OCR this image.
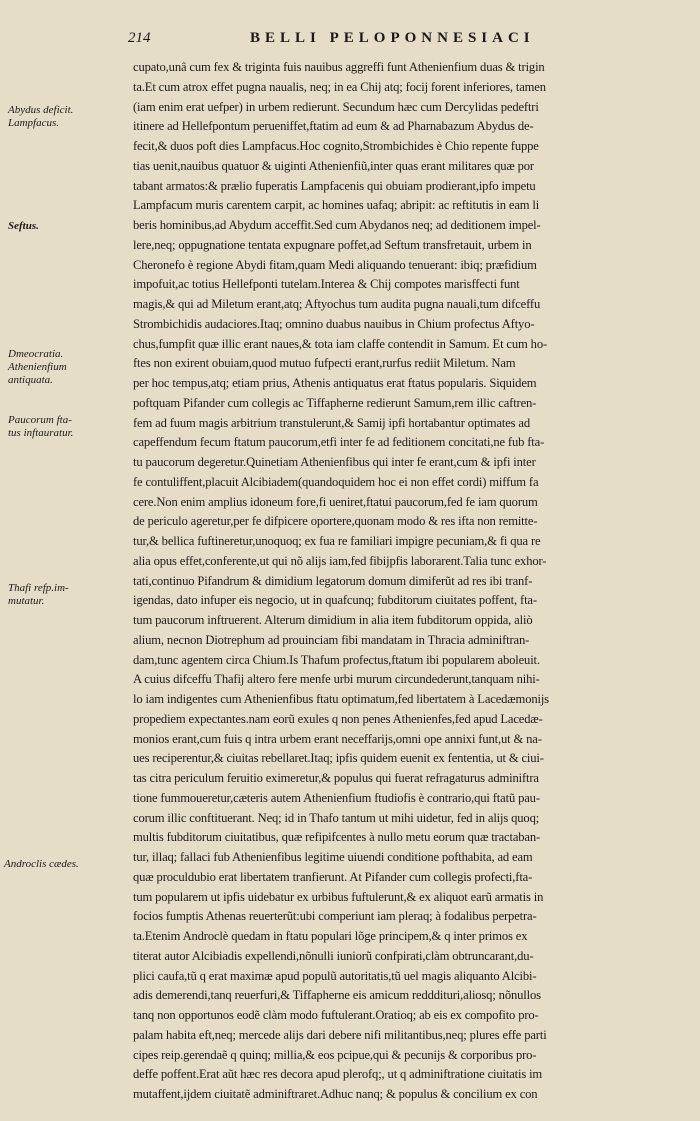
214	BELLI PELOPONNESIACI
Abydus deficit.
Lampfacus.
Seftus.
Dmeocratia.
Athenienfium
antiquata.
Paucorum fta-
tus inftauratur.
Thafi refp.im-
mutatur.
Androclis cædes.
cupato,unâ cum fex & triginta fuis nauibus aggreffi funt Athenienfium duas & trigin
ta.Et cum atrox effet pugna naualis, neq; in ea Chij atq; focij forent inferiores, tamen
(iam enim erat uefper) in urbem redierunt. Secundum hæc cum Dercylidas pedeftri
itinere ad Hellefpontum perueniffet,ftatim ad eum & ad Pharnabazum Abydus de-
fecit,& duos poft dies Lampfacus.Hoc cognito,Strombichides è Chio repente fuppe
tias uenit,nauibus quatuor & uiginti Athenienfiũ,inter quas erant militares quæ por
tabant armatos:& prælio fuperatis Lampfacenis qui obuiam prodierant,ipfo impetu
Lampfacum muris carentem carpit, ac homines uafaq; abripit: ac reftitutis in eam li
beris hominibus,ad Abydum acceffit.Sed cum Abydanos neq; ad deditionem impel-
lere,neq; oppugnatione tentata expugnare poffet,ad Seftum transfretauit, urbem in
Cheronefo è regione Abydi fitam,quam Medi aliquando tenuerant: ibiq; præfidium
impofuit,ac totius Hellefponti tutelam.Interea & Chij compotes marisffecti funt
magis,& qui ad Miletum erant,atq; Aftyochus tum audita pugna nauali,tum difceffu
Strombichidis audaciores.Itaq; omnino duabus nauibus in Chium profectus Aftyo-
chus,fumpfit quæ illic erant naues,& tota iam claffe contendit in Samum. Et cum ho-
ftes non exirent obuiam,quod mutuo fufpecti erant,rurfus rediit Miletum. Nam
per hoc tempus,atq; etiam prius, Athenis antiquatus erat ftatus popularis. Siquidem
poftquam Pifander cum collegis ac Tiffapherne redierunt Samum,rem illic caftren-
fem ad fuum magis arbitrium transtulerunt,& Samij ipfi hortabantur optimates ad
capeffendum fecum ftatum paucorum,etfi inter fe ad feditionem concitati,ne fub fta-
tu paucorum degeretur.Quinetiam Athenienfibus qui inter fe erant,cum & ipfi inter
fe contuliffent,placuit Alcibiadem(quandoquidem hoc ei non effet cordi) miffum fa
cere.Non enim amplius idoneum fore,fi ueniret,ftatui paucorum,fed fe iam quorum
de periculo ageretur,per fe difpicere oportere,quonam modo & res ifta non remitte-
tur,& bellica fuftineretur,unoquoq; ex fua re familiari impigre pecuniam,& fi qua re
alia opus effet,conferente,ut qui nõ alijs iam,fed fibijpfis laborarent.Talia tunc exhor-
tati,continuo Pifandrum & dimidium legatorum domum dimiferũt ad res ibi tranf-
igendas, dato infuper eis negocio, ut in quafcunq; fubditorum ciuitates poffent, fta-
tum paucorum inftruerent. Alterum dimidium in alia item fubditorum oppida, aliò
alium, necnon Diotrephum ad prouinciam fibi mandatam in Thracia adminiftran-
dam,tunc agentem circa Chium.Is Thafum profectus,ftatum ibi popularem aboleuit.
A cuius difceffu Thafij altero fere menfe urbi murum circundederunt,tanquam nihi-
lo iam indigentes cum Athenienfibus ftatu optimatum,fed libertatem à Lacedæmonijs
propediem expectantes.nam eorũ exules q non penes Athenienfes,fed apud Lacedæ-
monios erant,cum fuis q intra urbem erant neceffarijs,omni ope annixi funt,ut & na-
ues reciperentur,& ciuitas rebellaret.Itaq; ipfis quidem euenit ex fententia, ut & ciui-
tas citra periculum feruitio eximeretur,& populus qui fuerat refragaturus adminiftra
tione fummoueretur,cæteris autem Athenienfium ftudiofis è contrario,qui ftatũ pau-
corum illic conftituerant. Neq; id in Thafo tantum ut mihi uidetur, fed in alijs quoq;
multis fubditorum ciuitatibus, quæ refipifcentes à nullo metu eorum quæ tractaban-
tur, illaq; fallaci fub Athenienfibus legitime uiuendi conditione pofthabita, ad eam
quæ proculdubio erat libertatem tranfierunt. At Pifander cum collegis profecti,fta-
tum popularem ut ipfis uidebatur ex urbibus fuftulerunt,& ex aliquot earũ armatis in
focios fumptis Athenas reuerterũt:ubi comperiunt iam pleraq; à fodalibus perpetra-
ta.Etenim Androclè quedam in ftatu populari lõge principem,& q inter primos ex
titerat autor Alcibiadis expellendi,nõnulli iuniorũ confpirati,clàm obtruncarant,du-
plici caufa,tũ q erat maximæ apud populũ autoritatis,tũ uel magis aliquanto Alcibi-
adis demerendi,tanq reuerfuri,& Tiffapherne eis amicum redddituri,aliosq; nõnullos
tanq non opportunos eodẽ clàm modo fuftulerant.Oratioq; ab eis ex compofito pro-
palam habita eft,neq; mercede alijs dari debere nifi militantibus,neq; plures effe parti
cipes reip.gerendaẽ q quinq; millia,& eos pcipue,qui & pecunijs & corporibus pro-
deffe poffent.Erat aũt hæc res decora apud plerofq;, ut q adminiftratione ciuitatis im
mutaffent,ijdem ciuitatẽ adminiftraret.Adhuc nanq; & populus & concilium ex con
